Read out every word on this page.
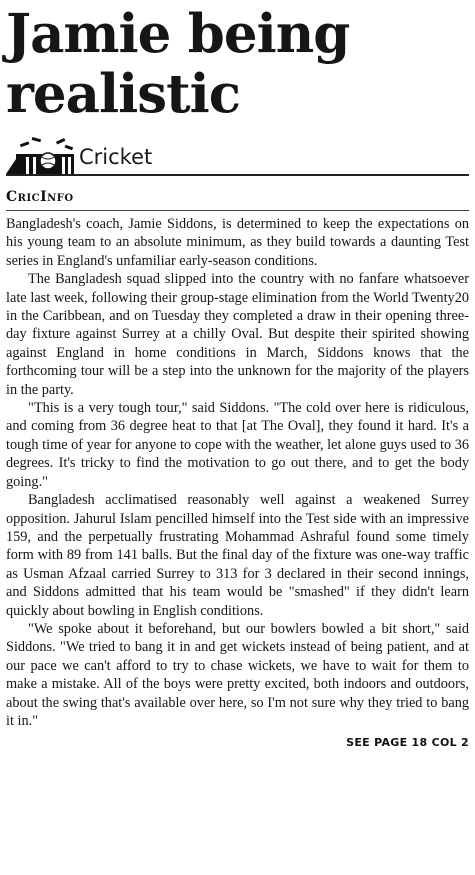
Jamie being realistic
Cricket
CricInfo

Bangladesh's coach, Jamie Siddons, is determined to keep the expectations on his young team to an absolute minimum, as they build towards a daunting Test series in England's unfamiliar early-season conditions.

The Bangladesh squad slipped into the country with no fanfare whatsoever late last week, following their group-stage elimination from the World Twenty20 in the Caribbean, and on Tuesday they completed a draw in their opening three-day fixture against Surrey at a chilly Oval. But despite their spirited showing against England in home conditions in March, Siddons knows that the forthcoming tour will be a step into the unknown for the majority of the players in the party.

"This is a very tough tour," said Siddons. "The cold over here is ridiculous, and coming from 36 degree heat to that [at The Oval], they found it hard. It's a tough time of year for anyone to cope with the weather, let alone guys used to 36 degrees. It's tricky to find the motivation to go out there, and to get the body going."

Bangladesh acclimatised reasonably well against a weakened Surrey opposition. Jahurul Islam pencilled himself into the Test side with an impressive 159, and the perpetually frustrating Mohammad Ashraful found some timely form with 89 from 141 balls. But the final day of the fixture was one-way traffic as Usman Afzaal carried Surrey to 313 for 3 declared in their second innings, and Siddons admitted that his team would be "smashed" if they didn't learn quickly about bowling in English conditions.

"We spoke about it beforehand, but our bowlers bowled a bit short," said Siddons. "We tried to bang it in and get wickets instead of being patient, and at our pace we can't afford to try to chase wickets, we have to wait for them to make a mistake. All of the boys were pretty excited, both indoors and outdoors, about the swing that's available over here, so I'm not sure why they tried to bang it in."

SEE PAGE 18 COL 2
